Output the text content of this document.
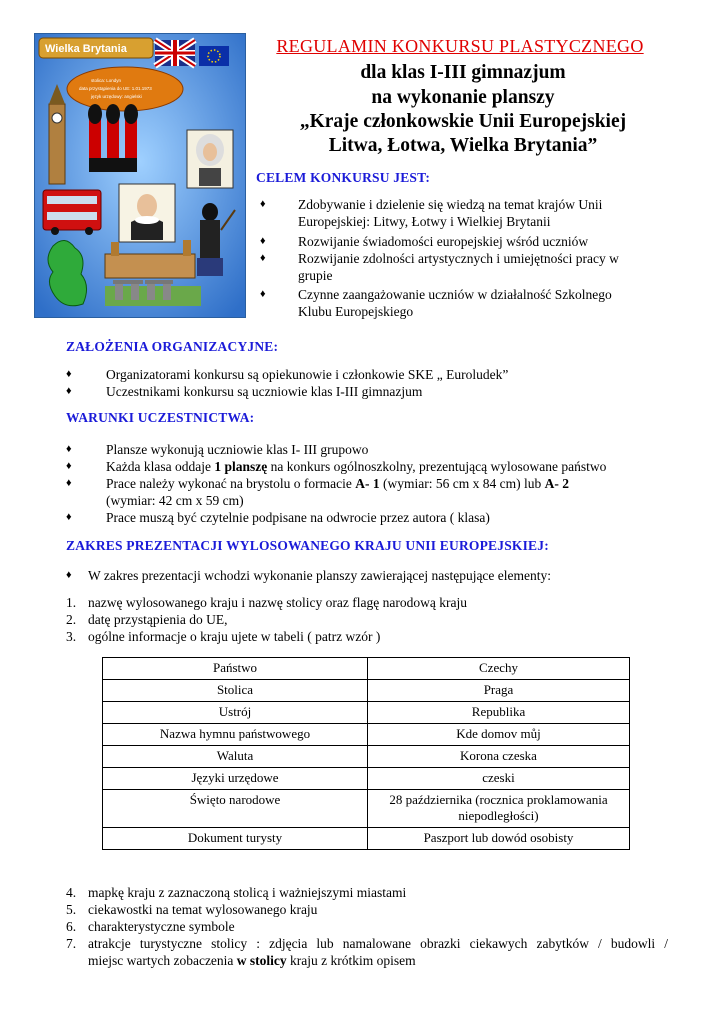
Wielka Brytania
stolica: Londyn
data przystąpienia do UE: 1.01.1973
język urzędowy: angielski
REGULAMIN KONKURSU PLASTYCZNEGO
dla klas I-III gimnazjum
na wykonanie planszy
„Kraje członkowskie Unii Europejskiej
Litwa, Łotwa, Wielka Brytania”
CELEM KONKURSU JEST:
♦ Zdobywanie i dzielenie się wiedzą na temat krajów Unii
Europejskiej: Litwy, Łotwy i Wielkiej Brytanii
♦ Rozwijanie świadomości europejskiej wśród uczniów
♦ Rozwijanie zdolności artystycznych i umiejętności pracy w
grupie
♦ Czynne zaangażowanie uczniów w działalność Szkolnego
Klubu Europejskiego
ZAŁOŻENIA ORGANIZACYJNE:
♦	Organizatorami konkursu są opiekunowie i członkowie SKE „ Euroludek”
♦	Uczestnikami konkursu są uczniowie klas I-III gimnazjum
WARUNKI UCZESTNICTWA:
♦	Plansze wykonują uczniowie klas I- III grupowo
♦	Każda klasa oddaje 1 planszę na konkurs ogólnoszkolny, prezentującą wylosowane państwo
♦	Prace należy wykonać na brystolu o formacie A- 1 (wymiar: 56 cm x 84 cm) lub A- 2
(wymiar: 42 cm x 59 cm)
♦	Prace muszą być czytelnie podpisane na odwrocie przez autora ( klasa)
ZAKRES PREZENTACJI WYLOSOWANEGO KRAJU UNII EUROPEJSKIEJ:
♦ W zakres prezentacji wchodzi wykonanie planszy zawierającej następujące elementy:
1. nazwę wylosowanego kraju i nazwę stolicy oraz flagę narodową kraju
2. datę przystąpienia do UE,
3. ogólne informacje o kraju ujete w tabeli ( patrz wzór )
Państwo	Czechy
Stolica	Praga
Ustrój	Republika
Nazwa hymnu państwowego	Kde domov můj
Waluta	Korona czeska
Języki urzędowe	czeski
Święto narodowe	28 października (rocznica proklamowania niepodległości)
Dokument turysty	Paszport lub dowód osobisty
4. mapkę kraju z zaznaczoną stolicą i ważniejszymi miastami
5. ciekawostki na temat wylosowanego kraju
6. charakterystyczne symbole
7. atrakcje turystyczne stolicy : zdjęcia lub namalowane obrazki ciekawych zabytków / budowli /
miejsc wartych zobaczenia w stolicy kraju z krótkim opisem
